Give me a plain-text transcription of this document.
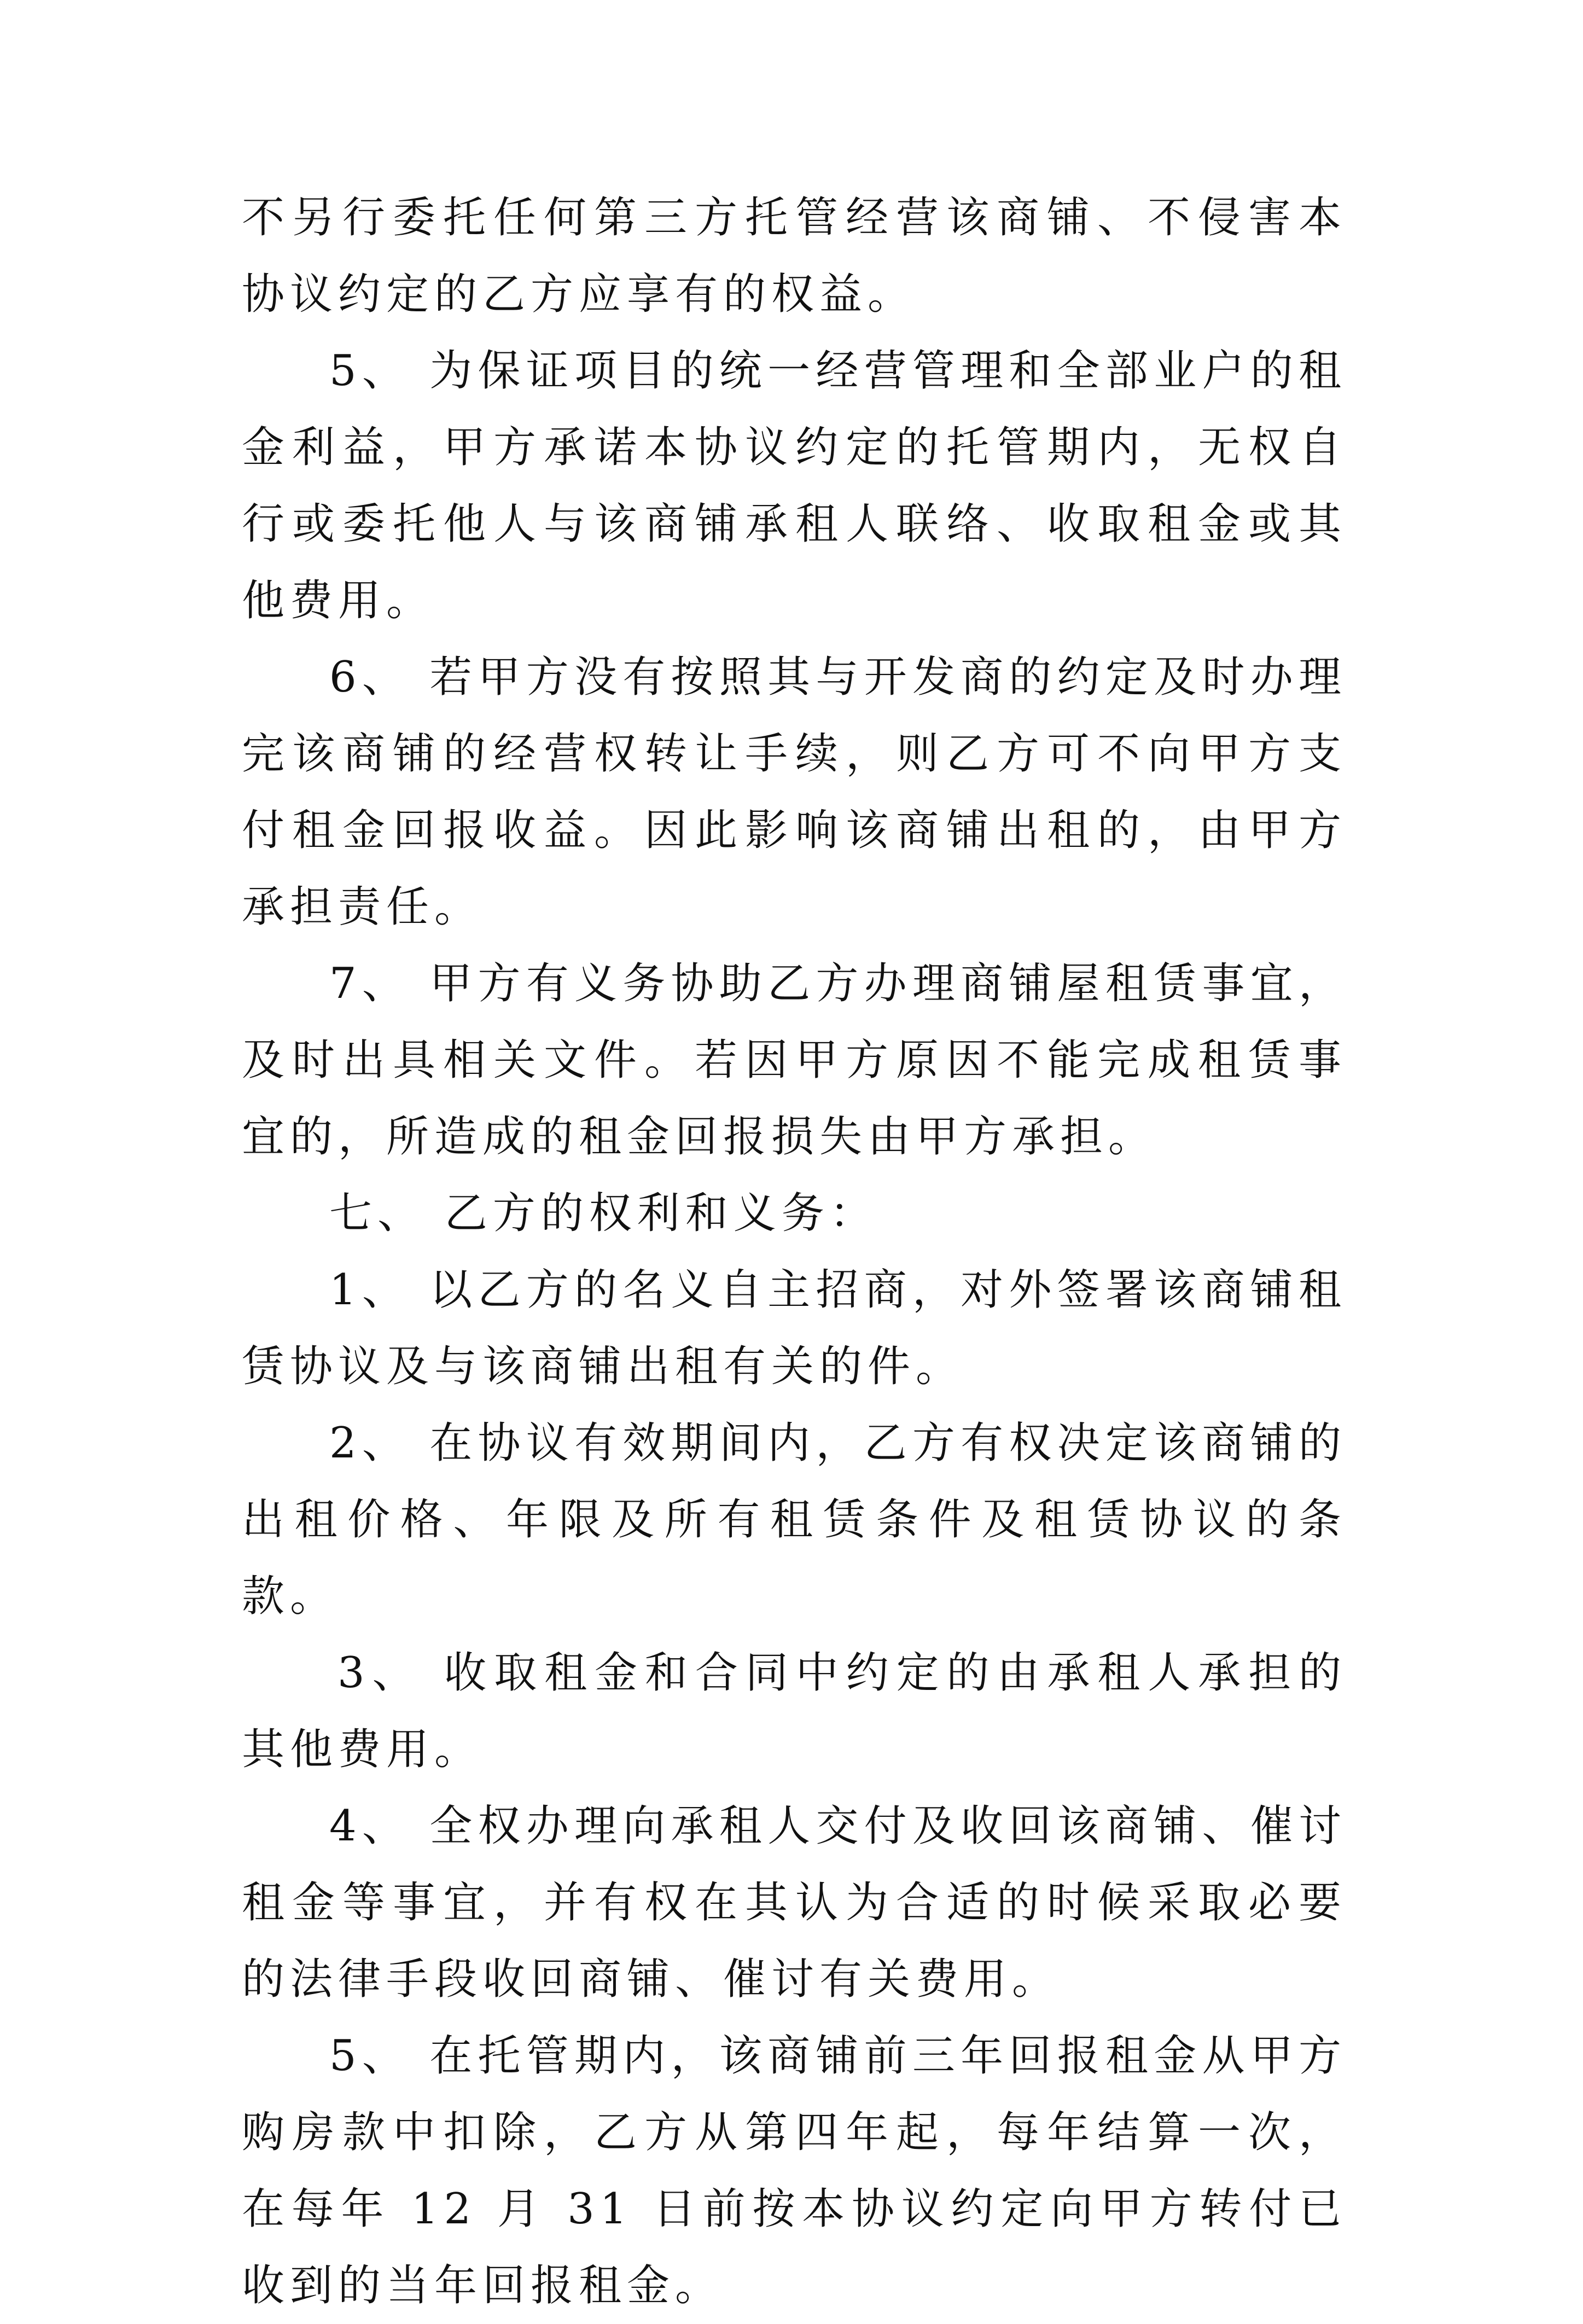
不另行委托任何第三方托管经营该商铺、不侵害本协议约定的乙方应享有的权益。

5、 为保证项目的统一经营管理和全部业户的租金利益，甲方承诺本协议约定的托管期内，无权自行或委托他人与该商铺承租人联络、收取租金或其他费用。

6、 若甲方没有按照其与开发商的约定及时办理完该商铺的经营权转让手续，则乙方可不向甲方支付租金回报收益。因此影响该商铺出租的，由甲方承担责任。

7、 甲方有义务协助乙方办理商铺屋租赁事宜，及时出具相关文件。若因甲方原因不能完成租赁事宜的，所造成的租金回报损失由甲方承担。

七、 乙方的权利和义务：

1、 以乙方的名义自主招商，对外签署该商铺租赁协议及与该商铺出租有关的件。

2、 在协议有效期间内，乙方有权决定该商铺的出租价格、年限及所有租赁条件及租赁协议的条款。

3、 收取租金和合同中约定的由承租人承担的其他费用。

4、 全权办理向承租人交付及收回该商铺、催讨租金等事宜，并有权在其认为合适的时候采取必要的法律手段收回商铺、催讨有关费用。

5、 在托管期内，该商铺前三年回报租金从甲方购房款中扣除，乙方从第四年起，每年结算一次，在每年 12 月 31 日前按本协议约定向甲方转付已收到的当年回报租金。
